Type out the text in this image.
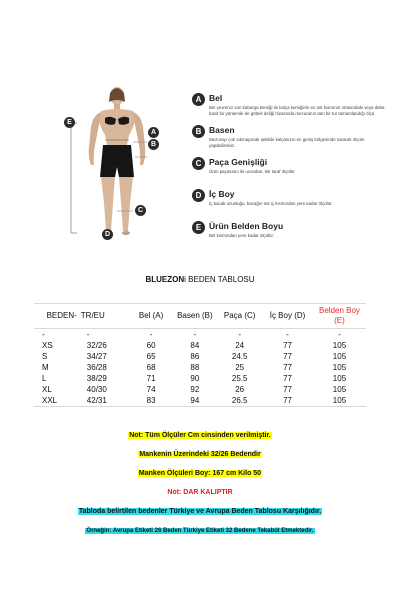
E
A
B
C
D
A Bel
Bel çevrenız son kaburga kemiği ile kalça kemiğinin en üst kısmının ortasındaki veya daha basit bir yöntemle de göbek deliği hizasında mezuranın tam bir tur tamamlandığı ölçü.
B Basen
Mezurayı çok sıkmayacak şekilde kalçanızın en geniş bölgesinde sararak ölçüm yapabilirsiniz.
C Paça Genişliği
Ürün paçasının iki ucundan, tek taraf ölçülür
D İç Boy
İç bacak uzunluğu, bacağın üst iç kısmından yere kadar ölçülür.
E Ürün Belden Boyu
Bel kısmından yere kadar ölçülür.
BLUEZONi BEDEN TABLOSU
BEDEN-	TR/EU	Bel (A)	Basen (B)	Paça (C)	İç Boy (D)	Belden Boy (E)
-	-	-	-	-	-	-
XS	32/26	60	84	24	77	105
S	34/27	65	86	24.5	77	105
M	36/28	68	88	25	77	105
L	38/29	71	90	25.5	77	105
XL	40/30	74	92	26	77	105
XXL	42/31	83	94	26.5	77	105
Not: Tüm Ölçüler Cm cinsinden verilmiştir.
Mankenin Üzerindeki 32/26 Bedendir
Manken Ölçüleri Boy: 167 cm Kilo 50
Not: DAR KALIPTIR
Tabloda belirtilen bedenler Türkiye ve Avrupa Beden Tablosu Karşılığıdır.
Örneğin: Avrupa Etiketi 26 Beden Türkiye Etiketi 32 Bedene Tekabül Etmektedir.
